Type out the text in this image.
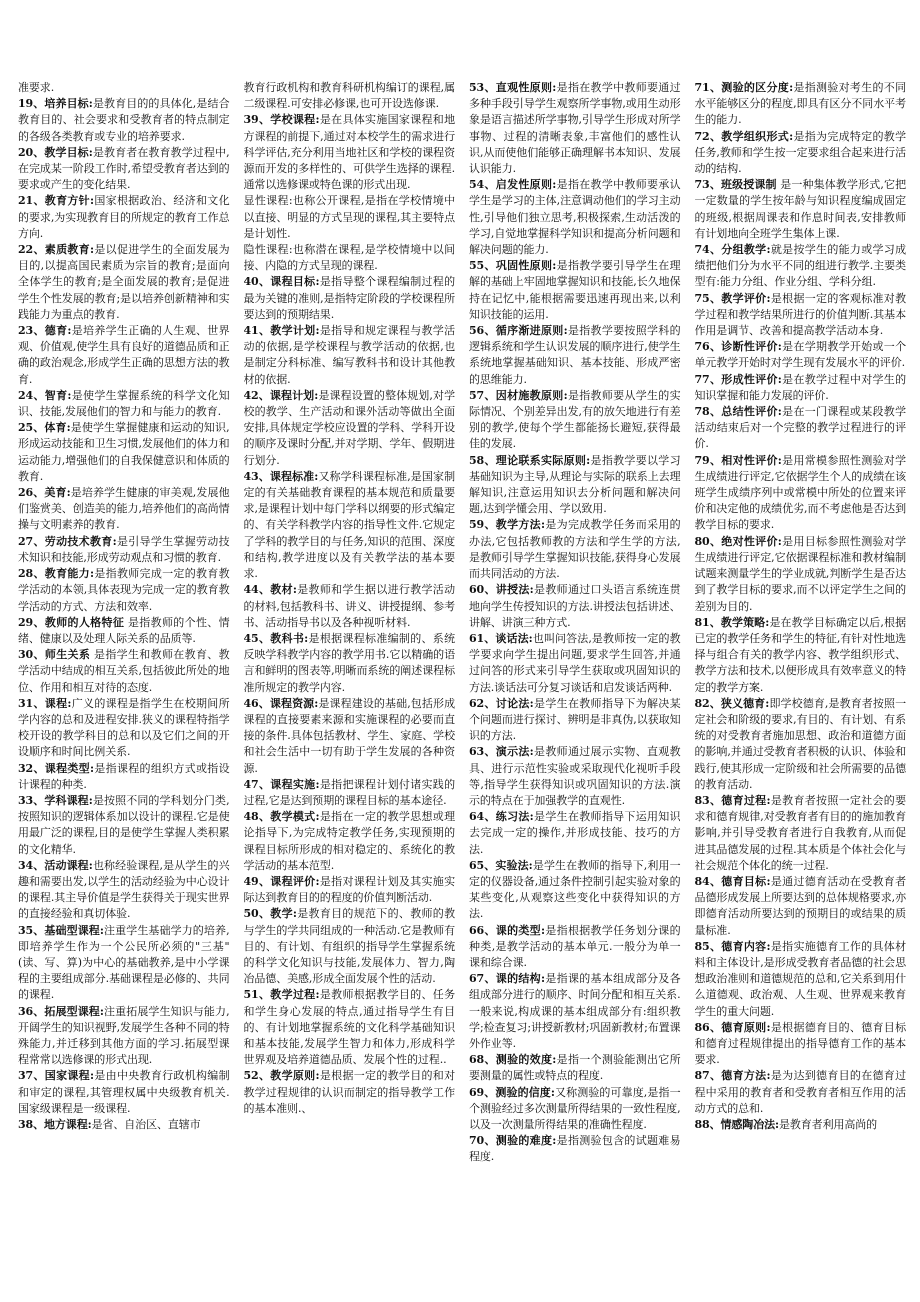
准要求.
19、培养目标:是教育目的的具体化,是结合教育目的、社会要求和受教育者的特点制定的各级各类教育或专业的培养要求.
20、教学目标:是教育者在教育教学过程中,在完成某一阶段工作时,希望受教育者达到的要求或产生的变化结果.
21、教育方针:国家根据政治、经济和文化的要求,为实现教育目的所规定的教育工作总方向.
22、素质教育:是以促进学生的全面发展为目的,以提高国民素质为宗旨的教育;是面向全体学生的教育;是全面发展的教育;是促进学生个性发展的教育;是以培养创新精神和实践能力为重点的教育.
23、德育:是培养学生正确的人生观、世界观、价值观,使学生具有良好的道德品质和正确的政治观念,形成学生正确的思想方法的教育.
24、智育:是使学生掌握系统的科学文化知识、技能,发展他们的智力和与能力的教育.
25、体育:是使学生掌握健康和运动的知识,形成运动技能和卫生习惯,发展他们的体力和运动能力,增强他们的自我保健意识和体质的教育.
26、美育:是培养学生健康的审美观,发展他们鉴赏美、创造美的能力,培养他们的高尚情操与文明素养的教育.
27、劳动技术教育:是引导学生掌握劳动技术知识和技能,形成劳动观点和习惯的教育.
28、教育能力:是指教师完成一定的教育教学活动的本领,具体表现为完成一定的教育教学活动的方式、方法和效率.
29、教师的人格特征 是指教师的个性、情绪、健康以及处理人际关系的品质等.
30、师生关系 是指学生和教师在教育、教学活动中结成的相互关系,包括彼此所处的地位、作用和相互对待的态度.
31、课程:广义的课程是指学生在校期间所学内容的总和及进程安排.狭义的课程特指学校开设的教学科目的总和以及它们之间的开设顺序和时间比例关系.
32、课程类型:是指课程的组织方式或指设计课程的种类.
33、学科课程:是按照不同的学科划分门类,按照知识的逻辑体系加以设计的课程.它是使用最广泛的课程,目的是使学生掌握人类积累的文化精华.
34、活动课程:也称经验课程,是从学生的兴趣和需要出发,以学生的活动经验为中心设计的课程.其主导价值是学生获得关于现实世界的直接经验和真切体验.
35、基础型课程:注重学生基础学力的培养,即培养学生作为一个公民所必须的"三基"(读、写、算)为中心的基础教养,是中小学课程的主要组成部分.基础课程是必修的、共同的课程.
36、拓展型课程:注重拓展学生知识与能力,开阔学生的知识视野,发展学生各种不同的特殊能力,并迁移到其他方面的学习.拓展型课程常常以选修课的形式出现.
37、国家课程:是由中央教育行政机构编制和审定的课程,其管理权属中央级教育机关.国家级课程是一级课程.
38、地方课程:是省、自治区、直辖市
教育行政机构和教育科研机构编订的课程,属二级课程.可安排必修课,也可开设选修课.
39、学校课程:是在具体实施国家课程和地方课程的前提下,通过对本校学生的需求进行科学评估,充分利用当地社区和学校的课程资源而开发的多样性的、可供学生选择的课程.通常以选修课或特色课的形式出现.
显性课程:也称公开课程,是指在学校情境中以直接、明显的方式呈现的课程,其主要特点是计划性.
隐性课程:也称潜在课程,是学校情境中以间接、内隐的方式呈现的课程.
40、课程目标:是指导整个课程编制过程的最为关键的准则,是指特定阶段的学校课程所要达到的预期结果.
41、教学计划:是指导和规定课程与教学活动的依据,是学校课程与教学活动的依据,也是制定分科标准、编写教科书和设计其他教材的依据.
42、课程计划:是课程设置的整体规划,对学校的教学、生产活动和课外活动等做出全面安排,具体规定学校应设置的学科、学科开设的顺序及课时分配,并对学期、学年、假期进行划分.
43、课程标准:又称学科课程标准,是国家制定的有关基础教育课程的基本规范和质量要求,是课程计划中每门学科以纲要的形式编定的、有关学科教学内容的指导性文件.它规定了学科的教学目的与任务,知识的范围、深度和结构,教学进度以及有关教学法的基本要求.
44、教材:是教师和学生据以进行教学活动的材料,包括教科书、讲义、讲授提纲、参考书、活动指导书以及各种视听材料.
45、教科书:是根据课程标准编制的、系统反映学科教学内容的教学用书.它以精确的语言和鲜明的图表等,明晰而系统的阐述课程标准所规定的教学内容.
46、课程资源:是课程建设的基础,包括形成课程的直接要素来源和实施课程的必要而直接的条件.具体包括教材、学生、家庭、学校和社会生活中一切有助于学生发展的各种资源.
47、课程实施:是指把课程计划付诸实践的过程,它是达到预期的课程目标的基本途径.
48、教学模式:是指在一定的教学思想或理论指导下,为完成特定教学任务,实现预期的课程目标所形成的相对稳定的、系统化的教学活动的基本范型.
49、课程评价:是指对课程计划及其实施实际达到教育目的的程度的价值判断活动.
50、教学:是教育目的规范下的、教师的教与学生的学共同组成的一种活动.它是教师有目的、有计划、有组织的指导学生掌握系统的科学文化知识与技能,发展体力、智力,陶冶品德、美感,形成全面发展个性的活动.
51、教学过程:是教师根据教学目的、任务和学生身心发展的特点,通过指导学生有目的、有计划地掌握系统的文化科学基础知识和基本技能,发展学生智力和体力,形成科学世界观及培养道德品质、发展个性的过程..
52、教学原则:是根据一定的教学目的和对教学过程规律的认识而制定的指导教学工作的基本准则.、
53、直观性原则:是指在教学中教师要通过多种手段引导学生观察所学事物,或用生动形象是语言描述所学事物,引导学生形成对所学事物、过程的清晰表象,丰富他们的感性认识,从而使他们能够正确理解书本知识、发展认识能力.
54、启发性原则:是指在教学中教师要承认学生是学习的主体,注意调动他们的学习主动性,引导他们独立思考,积极探索,生动活泼的学习,自觉地掌握科学知识和提高分析问题和解决问题的能力.
55、巩固性原则:是指教学要引导学生在理解的基础上牢固地掌握知识和技能,长久地保持在记忆中,能根据需要迅速再现出来,以利知识技能的运用.
56、循序渐进原则:是指教学要按照学科的逻辑系统和学生认识发展的顺序进行,使学生系统地掌握基础知识、基本技能、形成严密的思维能力.
57、因材施教原则:是指教师要从学生的实际情况、个别差异出发,有的放矢地进行有差别的教学,使每个学生都能扬长避短,获得最佳的发展.
58、理论联系实际原则:是指教学要以学习基础知识为主导,从理论与实际的联系上去理解知识,注意运用知识去分析问题和解决问题,达到学懂会用、学以致用.
59、教学方法:是为完成教学任务而采用的办法,它包括教师教的方法和学生学的方法,是教师引导学生掌握知识技能,获得身心发展而共同活动的方法.
60、讲授法:是教师通过口头语言系统连贯地向学生传授知识的方法.讲授法包括讲述、讲解、讲演三种方式.
61、谈话法:也叫问答法,是教师按一定的教学要求向学生提出问题,要求学生回答,并通过问答的形式来引导学生获取或巩固知识的方法.谈话法可分复习谈话和启发谈话两种.
62、讨论法:是学生在教师指导下为解决某个问题而进行探讨、辨明是非真伪,以获取知识的方法.
63、演示法:是教师通过展示实物、直观教具、进行示范性实验或采取现代化视听手段等,指导学生获得知识或巩固知识的方法.演示的特点在于加强教学的直观性.
64、练习法:是学生在教师指导下运用知识去完成一定的操作,并形成技能、技巧的方法.
65、实验法:是学生在教师的指导下,利用一定的仪器设备,通过条件控制引起实验对象的某些变化,从观察这些变化中获得知识的方法.
66、课的类型:是指根据教学任务划分课的种类,是教学活动的基本单元.一般分为单一课和综合课.
67、课的结构:是指课的基本组成部分及各组成部分进行的顺序、时间分配和相互关系.一般来说,构成课的基本组成部分有:组织教学;检查复习;讲授新教材;巩固新教材;布置课外作业等.
68、测验的效度:是指一个测验能测出它所要测量的属性或特点的程度.
69、测验的信度:又称测验的可靠度,是指一个测验经过多次测量所得结果的一致性程度,以及一次测量所得结果的准确性程度.
70、测验的难度:是指测验包含的试题难易程度.
71、测验的区分度:是指测验对考生的不同水平能够区分的程度,即具有区分不同水平考生的能力.
72、教学组织形式:是指为完成特定的教学任务,教师和学生按一定要求组合起来进行活动的结构.
73、班级授课制 是一种集体教学形式,它把一定数量的学生按年龄与知识程度编成固定的班级,根据周课表和作息时间表,安排教师有计划地向全班学生集体上课.
74、分组教学:就是按学生的能力或学习成绩把他们分为水平不同的组进行教学.主要类型有:能力分组、作业分组、学科分组.
75、教学评价:是根据一定的客观标准对教学过程和教学结果所进行的价值判断.其基本作用是调节、改善和提高教学活动本身.
76、诊断性评价:是在学期教学开始或一个单元教学开始时对学生现有发展水平的评价.
77、形成性评价:是在教学过程中对学生的知识掌握和能力发展的评价.
78、总结性评价:是在一门课程或某段教学活动结束后对一个完整的教学过程进行的评价.
79、相对性评价:是用常模参照性测验对学生成绩进行评定,它依据学生个人的成绩在该班学生成绩序列中或常模中所处的位置来评价和决定他的成绩优劣,而不考虑他是否达到教学目标的要求.
80、绝对性评价:是用目标参照性测验对学生成绩进行评定,它依据课程标准和教材编制试题来测量学生的学业成就,判断学生是否达到了教学目标的要求,而不以评定学生之间的差别为目的.
81、教学策略:是在教学目标确定以后,根据已定的教学任务和学生的特征,有针对性地选择与组合有关的教学内容、教学组织形式、教学方法和技术,以便形成具有效率意义的特定的教学方案.
82、狭义德育:即学校德育,是教育者按照一定社会和阶级的要求,有目的、有计划、有系统的对受教育者施加思想、政治和道德方面的影响,并通过受教育者积极的认识、体验和践行,使其形成一定阶级和社会所需要的品德的教育活动.
83、德育过程:是教育者按照一定社会的要求和德育规律,对受教育者有目的的施加教育影响,并引导受教育者进行自我教育,从而促进其品德发展的过程.其本质是个体社会化与社会规范个体化的统一过程.
84、德育目标:是通过德育活动在受教育者品德形成发展上所要达到的总体规格要求,亦即德育活动所要达到的预期目的或结果的质量标准.
85、德育内容:是指实施德育工作的具体材料和主体设计,是形成受教育者品德的社会思想政治准则和道德规范的总和,它关系到用什么道德观、政治观、人生观、世界观来教育学生的重大问题.
86、德育原则:是根据德育目的、德育目标和德育过程规律提出的指导德育工作的基本要求.
87、德育方法:是为达到德育目的在德育过程中采用的教育者和受教育者相互作用的活动方式的总和.
88、情感陶冶法:是教育者利用高尚的
